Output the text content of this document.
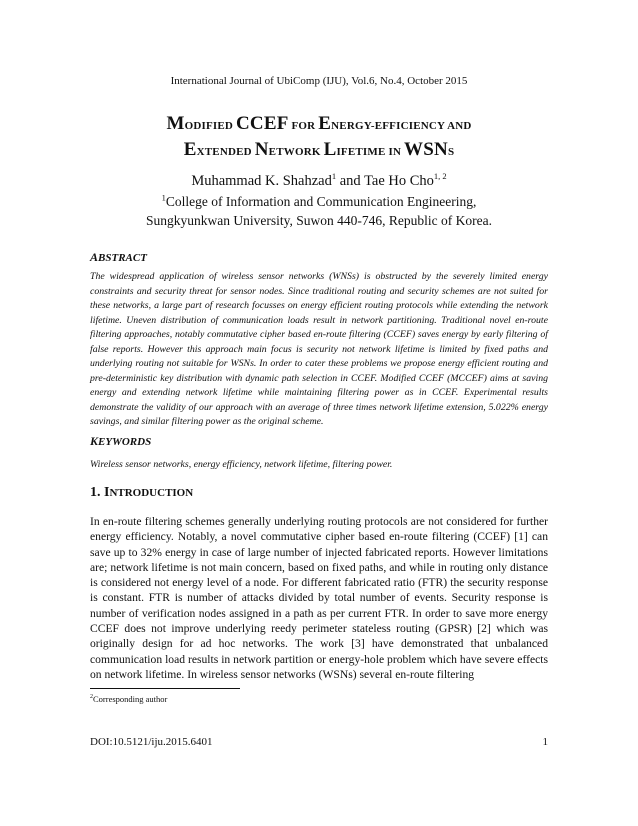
International Journal of UbiComp (IJU), Vol.6, No.4, October 2015
MODIFIED CCEF FOR ENERGY-EFFICIENCY AND
EXTENDED NETWORK LIFETIME IN WSNS
Muhammad K. Shahzad$^1$ and Tae Ho Cho$^{1, 2}$
$^1$College of Information and Communication Engineering,
Sungkyunkwan University, Suwon 440-746, Republic of Korea.
ABSTRACT
The widespread application of wireless sensor networks (WNSs) is obstructed by the severely limited energy constraints and security threat for sensor nodes. Since traditional routing and security schemes are not suited for these networks, a large part of research focusses on energy efficient routing protocols while extending the network lifetime. Uneven distribution of communication loads result in network partitioning. Traditional novel en-route filtering approaches, notably commutative cipher based en-route filtering (CCEF) saves energy by early filtering of false reports. However this approach main focus is security not network lifetime is limited by fixed paths and underlying routing not suitable for WSNs. In order to cater these problems we propose energy efficient routing and pre-deterministic key distribution with dynamic path selection in CCEF. Modified CCEF (MCCEF) aims at saving energy and extending network lifetime while maintaining filtering power as in CCEF. Experimental results demonstrate the validity of our approach with an average of three times network lifetime extension, 5.022% energy savings, and similar filtering power as the original scheme.
KEYWORDS
Wireless sensor networks, energy efficiency, network lifetime, filtering power.
1. INTRODUCTION
In en-route filtering schemes generally underlying routing protocols are not considered for further energy efficiency. Notably, a novel commutative cipher based en-route filtering (CCEF) [1] can save up to 32% energy in case of large number of injected fabricated reports. However limitations are; network lifetime is not main concern, based on fixed paths, and while in routing only distance is considered not energy level of a node. For different fabricated ratio (FTR) the security response is constant. FTR is number of attacks divided by total number of events. Security response is number of verification nodes assigned in a path as per current FTR. In order to save more energy CCEF does not improve underlying reedy perimeter stateless routing (GPSR) [2] which was originally design for ad hoc networks. The work [3] have demonstrated that unbalanced communication load results in network partition or energy-hole problem which have severe effects on network lifetime. In wireless sensor networks (WSNs) several en-route filtering
$^2$Corresponding author
DOI:10.5121/iju.2015.6401	1
